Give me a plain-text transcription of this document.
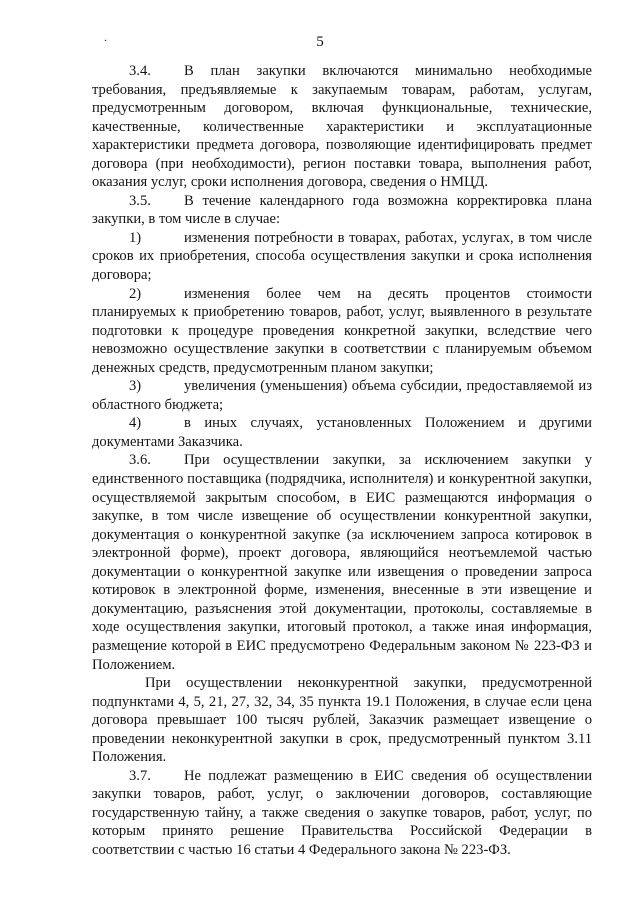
.	5

3.4. В план закупки включаются минимально необходимые требования, предъявляемые к закупаемым товарам, работам, услугам, предусмотренным договором, включая функциональные, технические, качественные, количественные характеристики и эксплуатационные характеристики предмета договора, позволяющие идентифицировать предмет договора (при необходимости), регион поставки товара, выполнения работ, оказания услуг, сроки исполнения договора, сведения о НМЦД.

3.5. В течение календарного года возможна корректировка плана закупки, в том числе в случае:

1)	изменения потребности в товарах, работах, услугах, в том числе сроков их приобретения, способа осуществления закупки и срока исполнения договора;

2)	изменения более чем на десять процентов стоимости планируемых к приобретению товаров, работ, услуг, выявленного в результате подготовки к процедуре проведения конкретной закупки, вследствие чего невозможно осуществление закупки в соответствии с планируемым объемом денежных средств, предусмотренным планом закупки;

3)	увеличения (уменьшения) объема субсидии, предоставляемой из областного бюджета;

4)	в иных случаях, установленных Положением и другими документами Заказчика.

3.6. При осуществлении закупки, за исключением закупки у единственного поставщика (подрядчика, исполнителя) и конкурентной закупки, осуществляемой закрытым способом, в ЕИС размещаются информация о закупке, в том числе извещение об осуществлении конкурентной закупки, документация о конкурентной закупке (за исключением запроса котировок в электронной форме), проект договора, являющийся неотъемлемой частью документации о конкурентной закупке или извещения о проведении запроса котировок в электронной форме, изменения, внесенные в эти извещение и документацию, разъяснения этой документации, протоколы, составляемые в ходе осуществления закупки, итоговый протокол, а также иная информация, размещение которой в ЕИС предусмотрено Федеральным законом № 223-ФЗ и Положением.

При осуществлении неконкурентной закупки, предусмотренной подпунктами 4, 5, 21, 27, 32, 34, 35 пункта 19.1 Положения, в случае если цена договора превышает 100 тысяч рублей, Заказчик размещает извещение о проведении неконкурентной закупки в срок, предусмотренный пунктом 3.11 Положения.

3.7. Не подлежат размещению в ЕИС сведения об осуществлении закупки товаров, работ, услуг, о заключении договоров, составляющие государственную тайну, а также сведения о закупке товаров, работ, услуг, по которым принято решение Правительства Российской Федерации в соответствии с частью 16 статьи 4 Федерального закона № 223-ФЗ.
